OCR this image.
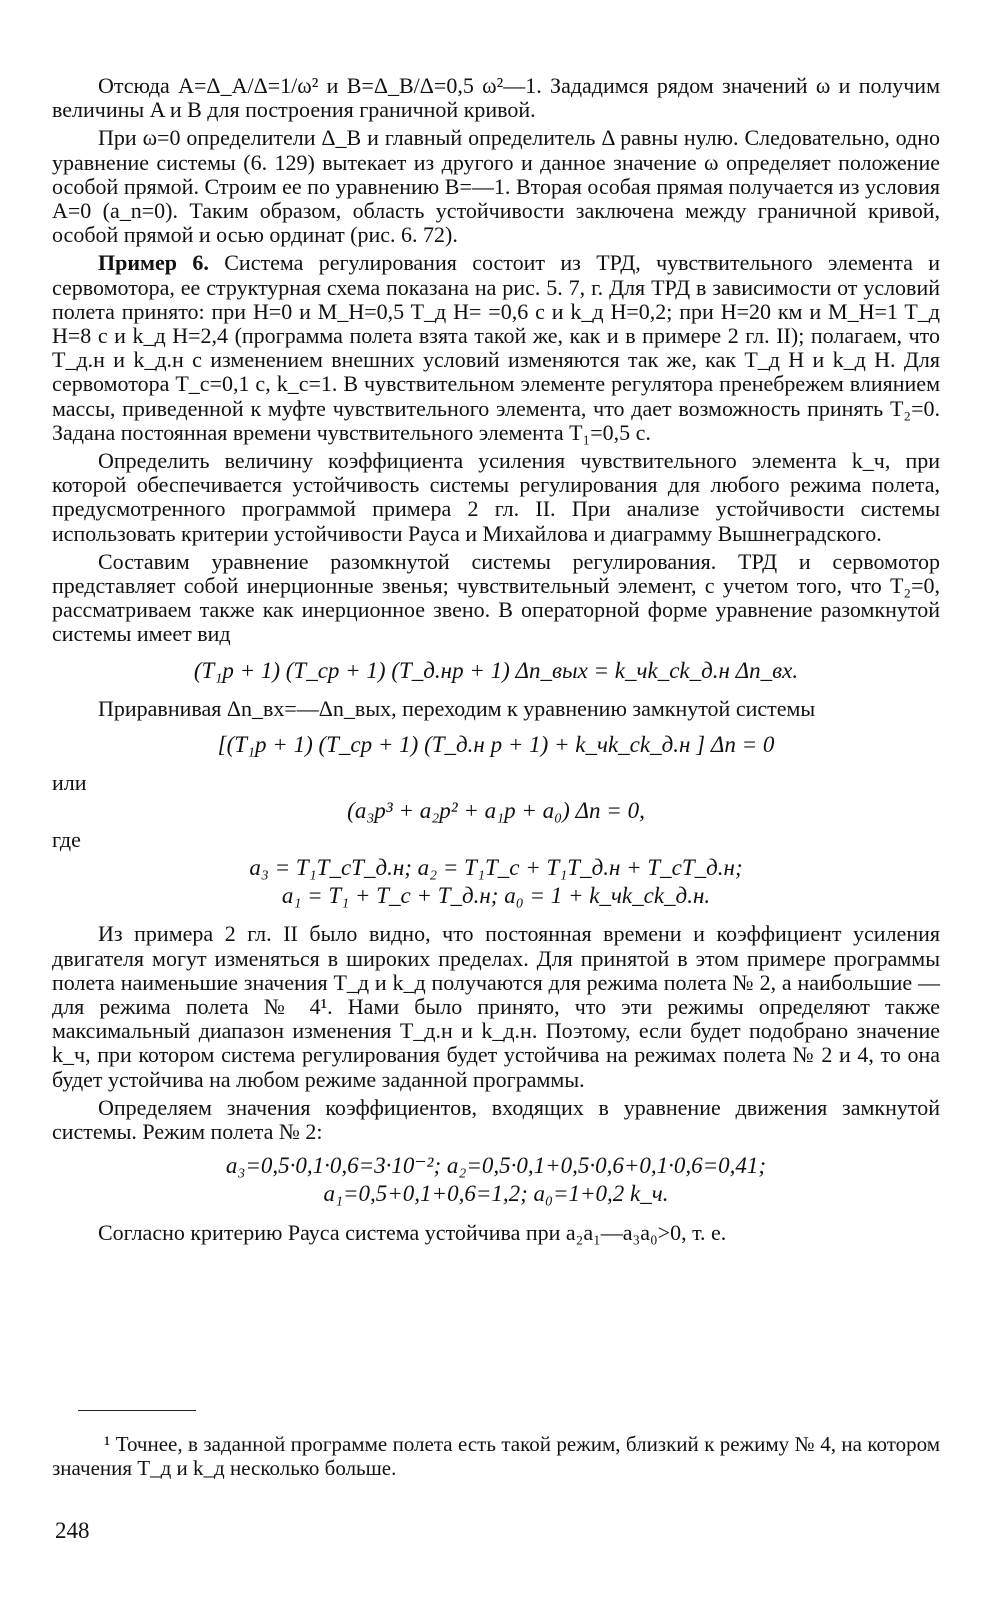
Отсюда A=Δ_A/Δ=1/ω² и B=Δ_B/Δ=0,5 ω²—1. Зададимся рядом значений ω и получим величины A и B для построения граничной кривой.

При ω=0 определители Δ_B и главный определитель Δ равны нулю. Следовательно, одно уравнение системы (6. 129) вытекает из другого и данное значение ω определяет положение особой прямой. Строим ее по уравнению B=—1. Вторая особая прямая получается из условия A=0 (a_n=0). Таким образом, область устойчивости заключена между граничной кривой, особой прямой и осью ординат (рис. 6. 72).

Пример 6. Система регулирования состоит из ТРД, чувствительного элемента и сервомотора, ее структурная схема показана на рис. 5. 7, г. Для ТРД в зависимости от условий полета принято: при H=0 и M_H=0,5 T_д H= =0,6 с и k_д H=0,2; при H=20 км и M_H=1 T_д H=8 с и k_д H=2,4 (программа полета взята такой же, как и в примере 2 гл. II); полагаем, что T_д.н и k_д.н с изменением внешних условий изменяются так же, как T_д H и k_д H. Для сервомотора T_с=0,1 с, k_с=1. В чувствительном элементе регулятора пренебрежем влиянием массы, приведенной к муфте чувствительного элемента, что дает возможность принять T₂=0. Задана постоянная времени чувствительного элемента T₁=0,5 с.

Определить величину коэффициента усиления чувствительного элемента k_ч, при которой обеспечивается устойчивость системы регулирования для любого режима полета, предусмотренного программой примера 2 гл. II. При анализе устойчивости системы использовать критерии устойчивости Рауса и Михайлова и диаграмму Вышнеградского.

Составим уравнение разомкнутой системы регулирования. ТРД и сервомотор представляет собой инерционные звенья; чувствительный элемент, с учетом того, что T₂=0, рассматриваем также как инерционное звено. В операторной форме уравнение разомкнутой системы имеет вид

(T₁p + 1) (T_cp + 1) (T_д.нp + 1) Δn_вых = k_чk_ck_д.н Δn_вх.

Приравнивая Δn_вх=—Δn_вых, переходим к уравнению замкнутой системы

[(T₁p + 1) (T_cp + 1) (T_д.н p + 1) + k_чk_ck_д.н ] Δn = 0

или

(a₃p³ + a₂p² + a₁p + a₀) Δn = 0,

где

a₃ = T₁T_cT_д.н; a₂ = T₁T_c + T₁T_д.н + T_cT_д.н;
a₁ = T₁ + T_c + T_д.н; a₀ = 1 + k_чk_ck_д.н.

Из примера 2 гл. II было видно, что постоянная времени и коэффициент усиления двигателя могут изменяться в широких пределах. Для принятой в этом примере программы полета наименьшие значения T_д и k_д получаются для режима полета № 2, а наибольшие — для режима полета № 4¹. Нами было принято, что эти режимы определяют также максимальный диапазон изменения T_д.н и k_д.н. Поэтому, если будет подобрано значение k_ч, при котором система регулирования будет устойчива на режимах полета № 2 и 4, то она будет устойчива на любом режиме заданной программы.

Определяем значения коэффициентов, входящих в уравнение движения замкнутой системы. Режим полета № 2:

a₃=0,5·0,1·0,6=3·10⁻²; a₂=0,5·0,1+0,5·0,6+0,1·0,6=0,41;
a₁=0,5+0,1+0,6=1,2; a₀=1+0,2 k_ч.

Согласно критерию Рауса система устойчива при a₂a₁—a₃a₀>0, т. е.

¹ Точнее, в заданной программе полета есть такой режим, близкий к режиму № 4, на котором значения T_д и k_д несколько больше.
248
